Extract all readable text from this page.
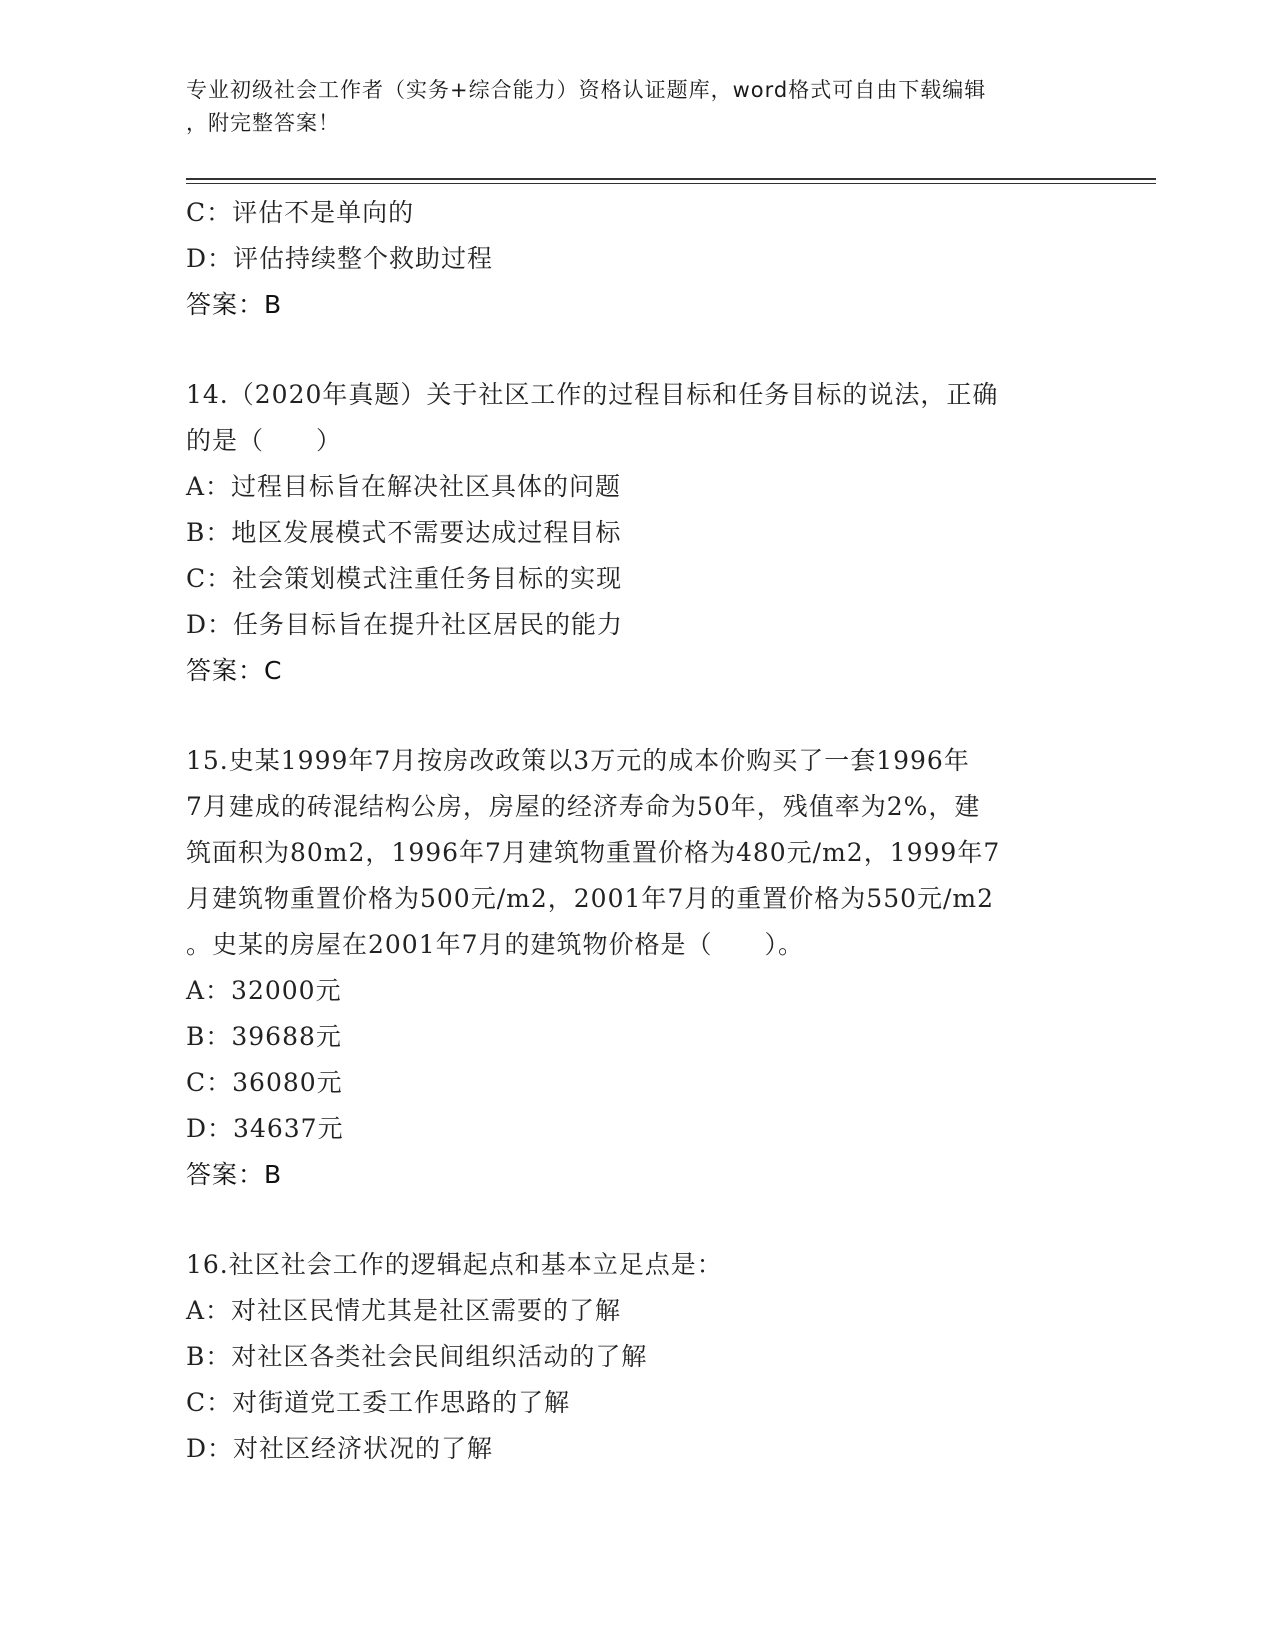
专业初级社会工作者（实务+综合能力）资格认证题库，word格式可自由下载编辑
，附完整答案！

C：评估不是单向的

D：评估持续整个救助过程

答案：B

14.（2020年真题）关于社区工作的过程目标和任务目标的说法，正确

的是（　　）

A：过程目标旨在解决社区具体的问题

B：地区发展模式不需要达成过程目标

C：社会策划模式注重任务目标的实现

D：任务目标旨在提升社区居民的能力

答案：C

15.史某1999年7月按房改政策以3万元的成本价购买了一套1996年

7月建成的砖混结构公房，房屋的经济寿命为50年，残值率为2%，建

筑面积为80m2，1996年7月建筑物重置价格为480元/m2，1999年7

月建筑物重置价格为500元/m2，2001年7月的重置价格为550元/m2

。史某的房屋在2001年7月的建筑物价格是（　　）。

A：32000元

B：39688元

C：36080元

D：34637元

答案：B

16.社区社会工作的逻辑起点和基本立足点是：

A：对社区民情尤其是社区需要的了解

B：对社区各类社会民间组织活动的了解

C：对街道党工委工作思路的了解

D：对社区经济状况的了解
